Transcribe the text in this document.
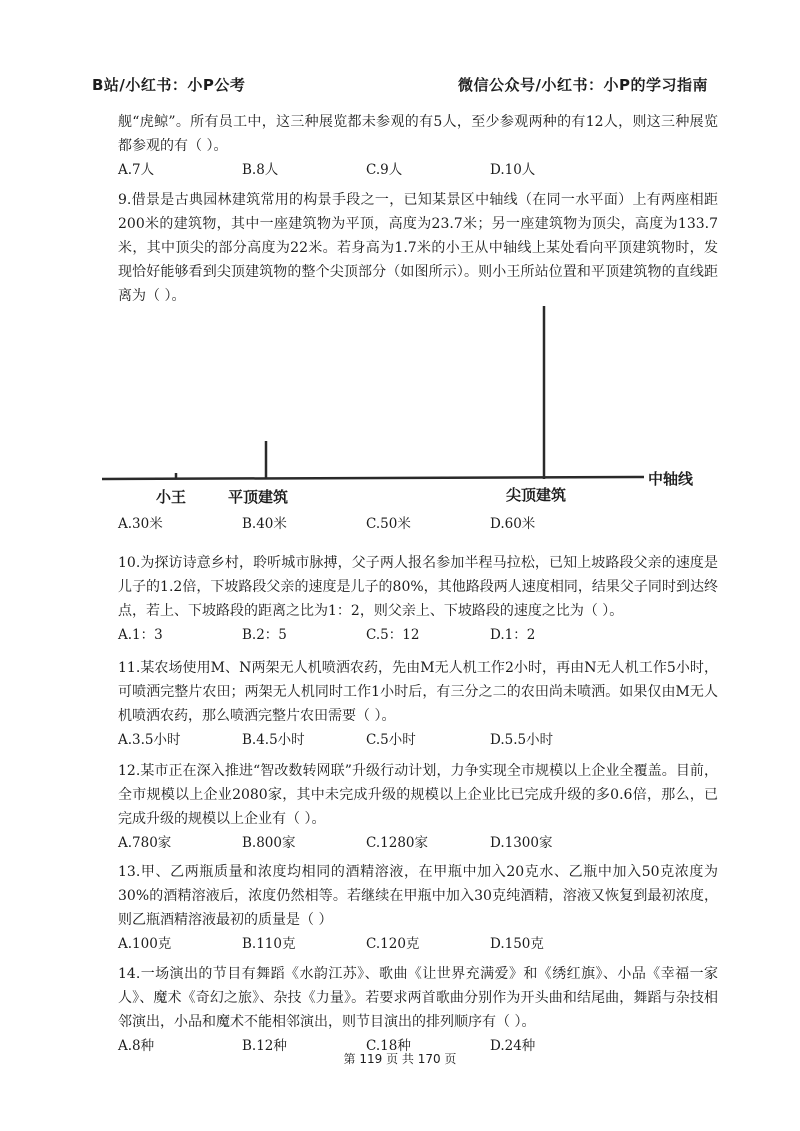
B站/小红书：小P公考	微信公众号/小红书：小P的学习指南

舰“虎鲸”。所有员工中，这三种展览都未参观的有5人，至少参观两种的有12人，则这三种展览都参观的有（ ）。

A.7人	B.8人	C.9人	D.10人

9.借景是古典园林建筑常用的构景手段之一，已知某景区中轴线（在同一水平面）上有两座相距200米的建筑物，其中一座建筑物为平顶，高度为23.7米；另一座建筑物为顶尖，高度为133.7米，其中顶尖的部分高度为22米。若身高为1.7米的小王从中轴线上某处看向平顶建筑物时，发现恰好能够看到尖顶建筑物的整个尖顶部分（如图所示）。则小王所站位置和平顶建筑物的直线距离为（ ）。

小王	平顶建筑	尖顶建筑
中轴线
A.30米	B.40米	C.50米	D.60米

10.为探访诗意乡村，聆听城市脉搏，父子两人报名参加半程马拉松，已知上坡路段父亲的速度是儿子的1.2倍，下坡路段父亲的速度是儿子的80%，其他路段两人速度相同，结果父子同时到达终点，若上、下坡路段的距离之比为1：2，则父亲上、下坡路段的速度之比为（ ）。

A.1：3	B.2：5	C.5：12	D.1：2

11.某农场使用M、N两架无人机喷洒农药，先由M无人机工作2小时，再由N无人机工作5小时，可喷洒完整片农田；两架无人机同时工作1小时后，有三分之二的农田尚未喷洒。如果仅由M无人机喷洒农药，那么喷洒完整片农田需要（ ）。

A.3.5小时	B.4.5小时	C.5小时	D.5.5小时

12.某市正在深入推进“智改数转网联”升级行动计划，力争实现全市规模以上企业全覆盖。目前，全市规模以上企业2080家，其中未完成升级的规模以上企业比已完成升级的多0.6倍，那么，已完成升级的规模以上企业有（ ）。

A.780家	B.800家	C.1280家	D.1300家

13.甲、乙两瓶质量和浓度均相同的酒精溶液，在甲瓶中加入20克水、乙瓶中加入50克浓度为30%的酒精溶液后，浓度仍然相等。若继续在甲瓶中加入30克纯酒精，溶液又恢复到最初浓度，则乙瓶酒精溶液最初的质量是（ ）

A.100克	B.110克	C.120克	D.150克

14.一场演出的节目有舞蹈《水韵江苏》、歌曲《让世界充满爱》和《绣红旗》、小品《幸福一家人》、魔术《奇幻之旅》、杂技《力量》。若要求两首歌曲分别作为开头曲和结尾曲，舞蹈与杂技相邻演出，小品和魔术不能相邻演出，则节目演出的排列顺序有（ ）。

A.8种	B.12种	C.18种	D.24种
第 119 页 共 170 页
